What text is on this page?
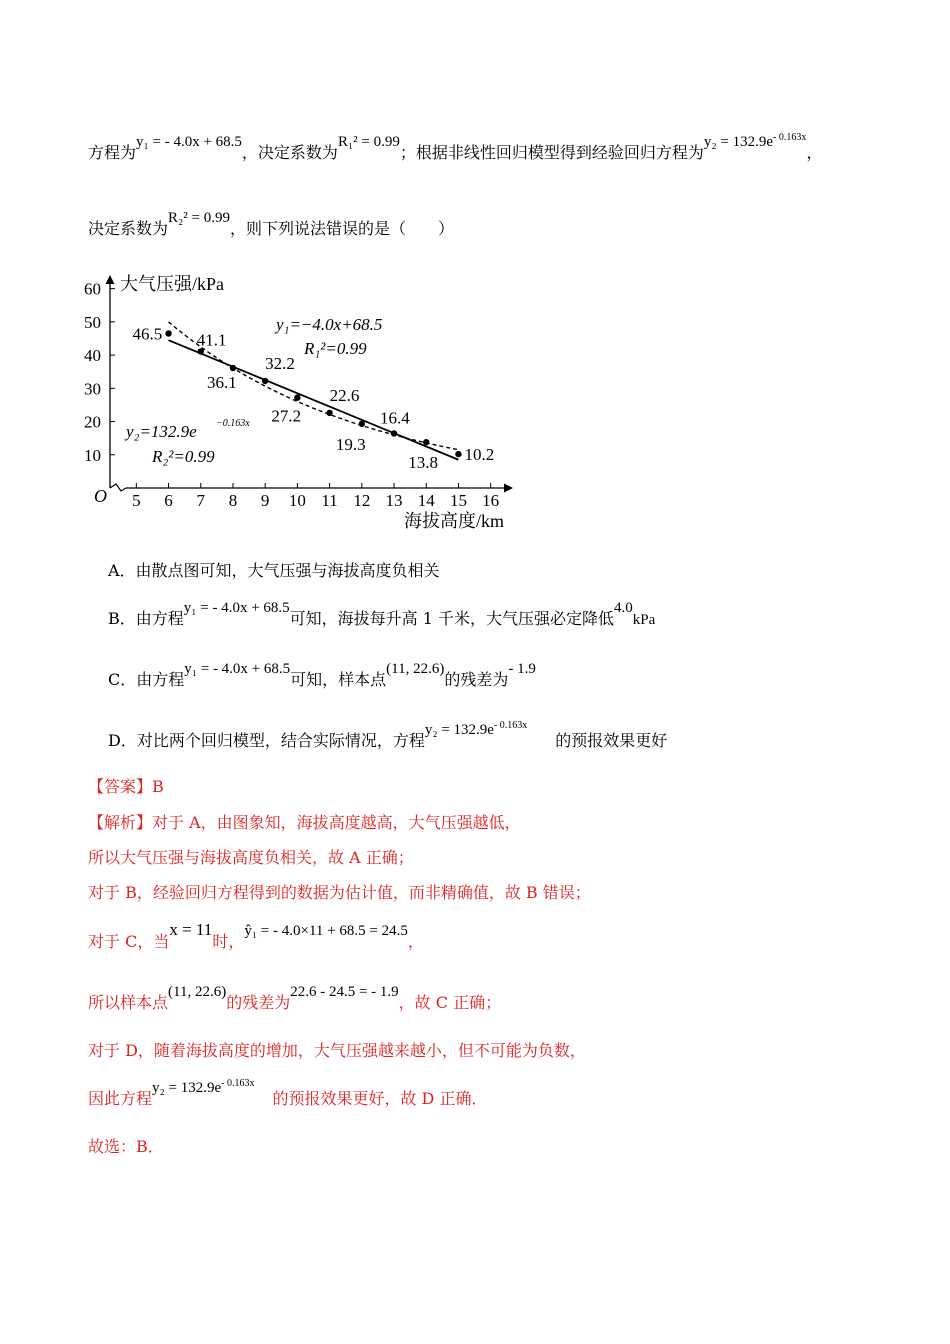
方程为y₁ = - 4.0x + 68.5，决定系数为R₁² = 0.99；根据非线性回归模型得到经验回归方程为$y_2 = 132.9e^{- 0.163x}$，
决定系数为R₂² = 0.99，则下列说法错误的是（　　）
大气压强/kPa
海拔高度/km
O
10
20
30
40
50
60
5 6 7 8 9 10 11 12 13 14 15 16
46.5 41.1
36.1
32.2
27.2
22.6
19.3
16.4
13.8 10.2
y₁=−4.0x+68.5
R₁²=0.99
y₂=132.9e −0.163x
R₂²=0.99
A．由散点图可知，大气压强与海拔高度负相关
B．由方程y₁ = - 4.0x + 68.5可知，海拔每升高 1 千米，大气压强必定降低4.0kPa
C．由方程y₁ = - 4.0x + 68.5可知，样本点(11, 22.6)的残差为- 1.9
D．对比两个回归模型，结合实际情况，方程$y_2 = 132.9e^{- 0.163x}$的预报效果更好
【答案】B
【解析】对于 A，由图象知，海拔高度越高，大气压强越低，
所以大气压强与海拔高度负相关，故 A 正确；
对于 B，经验回归方程得到的数据为估计值，而非精确值，故 B 错误；
对于 C，当x = 11时，ŷ₁ = - 4.0×11 + 68.5 = 24.5，
所以样本点(11, 22.6)的残差为22.6 - 24.5 = - 1.9，故 C 正确；
对于 D，随着海拔高度的增加，大气压强越来越小，但不可能为负数，
因此方程$y_2 = 132.9e^{- 0.163x}$的预报效果更好，故 D 正确．
故选：B．
